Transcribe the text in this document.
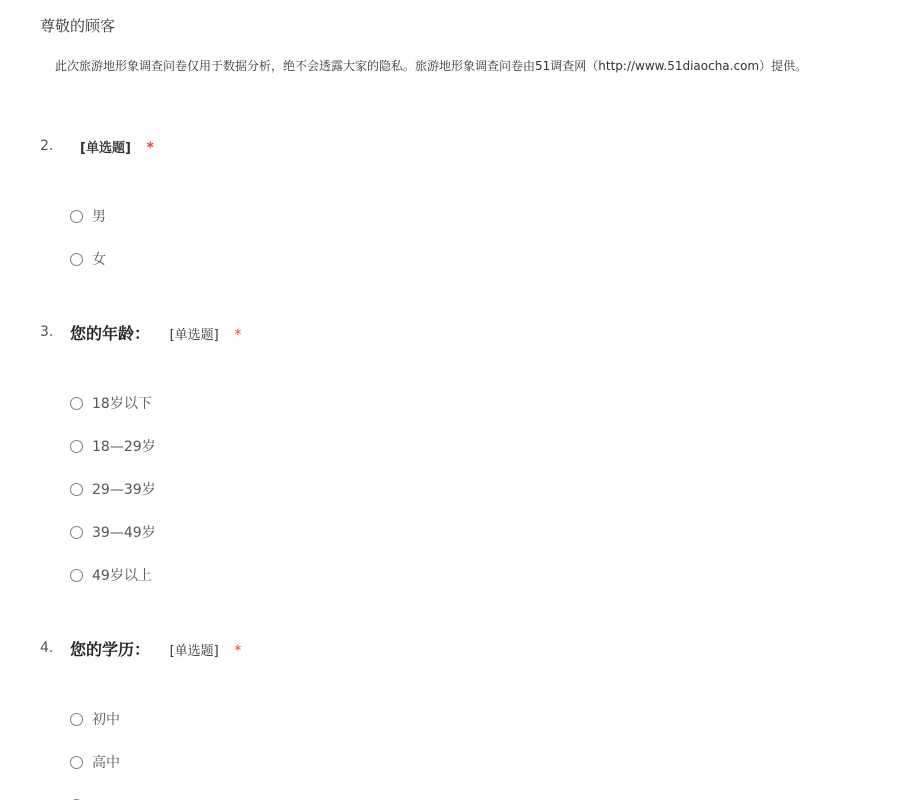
尊敬的顾客
此次旅游地形象调查问卷仅用于数据分析，绝不会透露大家的隐私。旅游地形象调查问卷由51调查网（http://www.51diaocha.com）提供。
2. [单选题] *
男
女
3. 您的年龄： [单选题] *
18岁以下
18—29岁
29—39岁
39—49岁
49岁以上
4. 您的学历： [单选题] *
初中
高中
